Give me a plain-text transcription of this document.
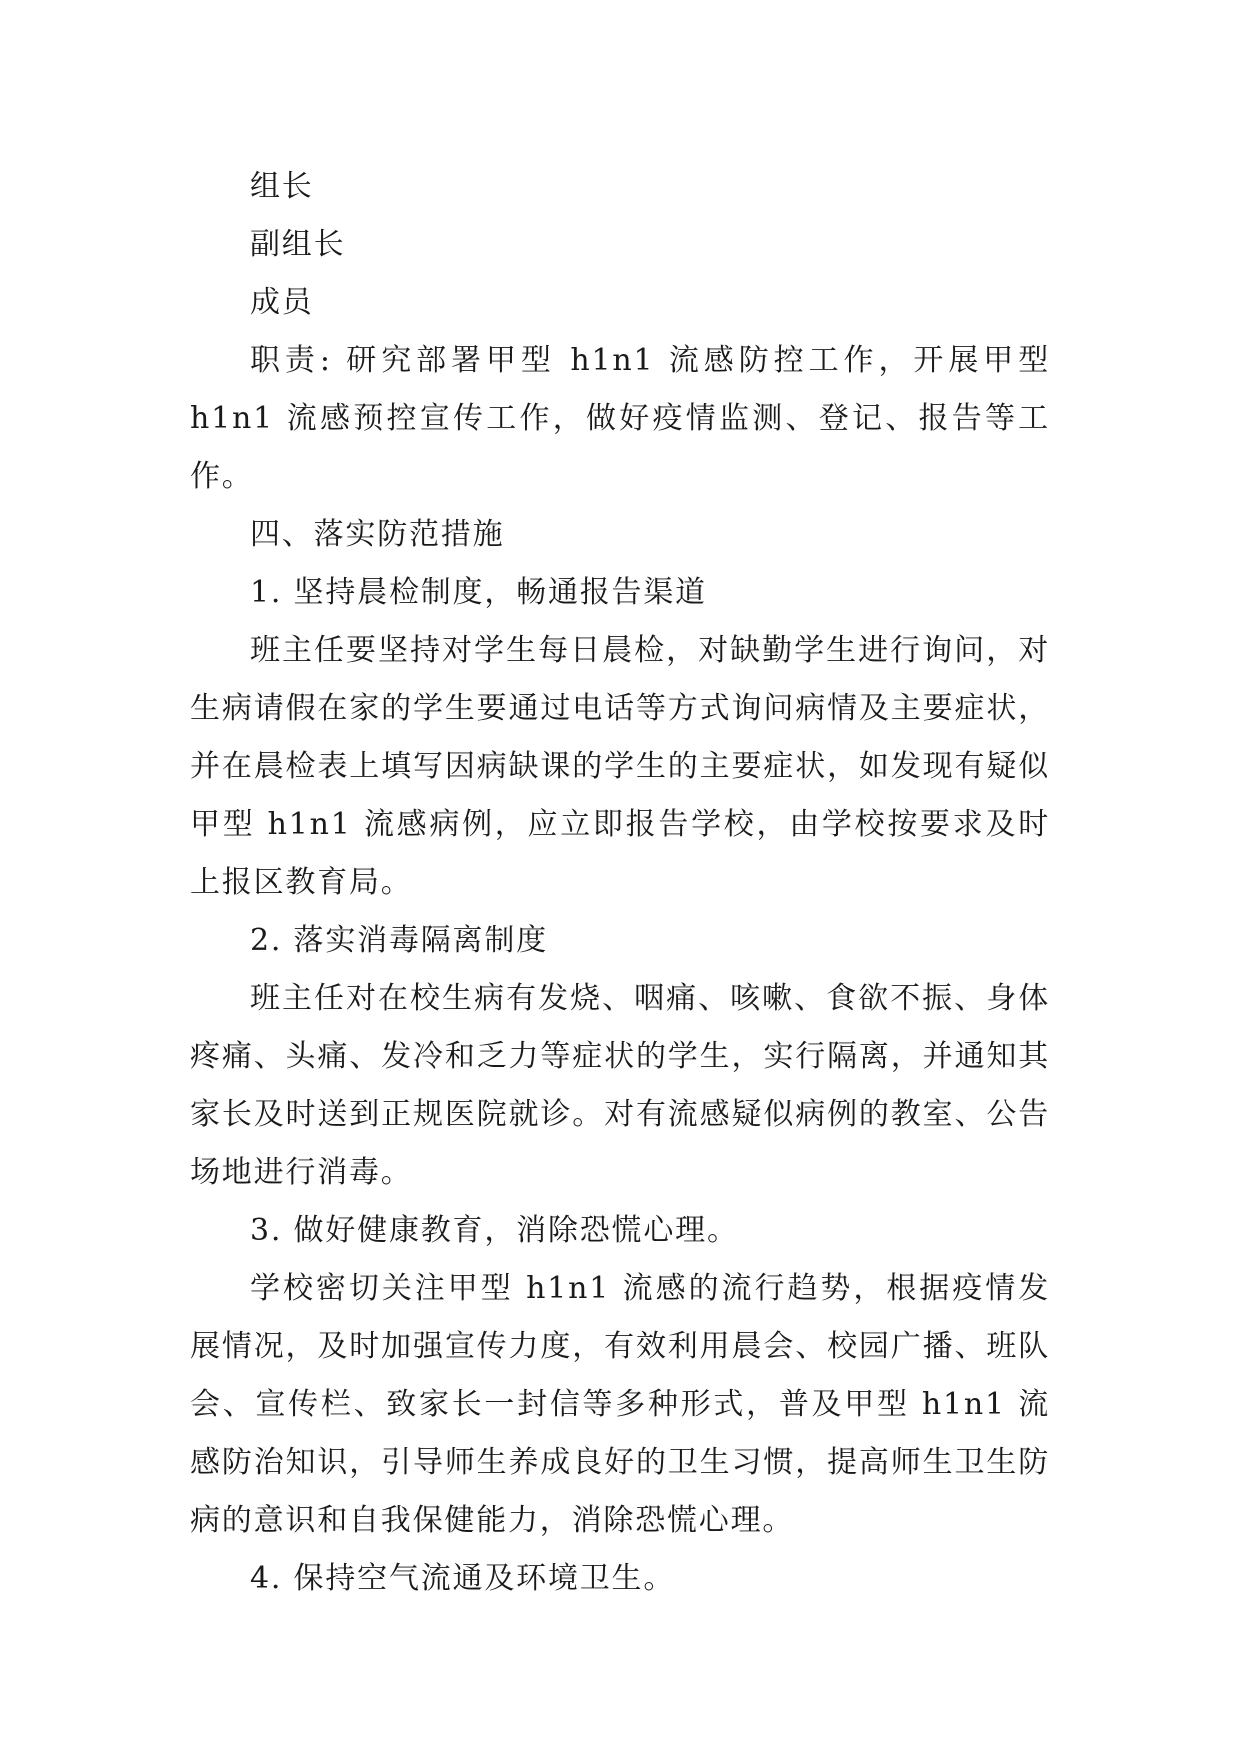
组长

副组长

成员

职责: 研究部署甲型 h1n1 流感防控工作，开展甲型 h1n1 流感预控宣传工作，做好疫情监测、登记、报告等工作。

四、落实防范措施

1. 坚持晨检制度，畅通报告渠道

班主任要坚持对学生每日晨检，对缺勤学生进行询问，对生病请假在家的学生要通过电话等方式询问病情及主要症状，并在晨检表上填写因病缺课的学生的主要症状，如发现有疑似甲型 h1n1 流感病例，应立即报告学校，由学校按要求及时上报区教育局。

2. 落实消毒隔离制度

班主任对在校生病有发烧、咽痛、咳嗽、食欲不振、身体疼痛、头痛、发冷和乏力等症状的学生，实行隔离，并通知其家长及时送到正规医院就诊。对有流感疑似病例的教室、公告场地进行消毒。

3. 做好健康教育，消除恐慌心理。

学校密切关注甲型 h1n1 流感的流行趋势，根据疫情发展情况，及时加强宣传力度，有效利用晨会、校园广播、班队会、宣传栏、致家长一封信等多种形式，普及甲型 h1n1 流感防治知识，引导师生养成良好的卫生习惯，提高师生卫生防病的意识和自我保健能力，消除恐慌心理。

4. 保持空气流通及环境卫生。
